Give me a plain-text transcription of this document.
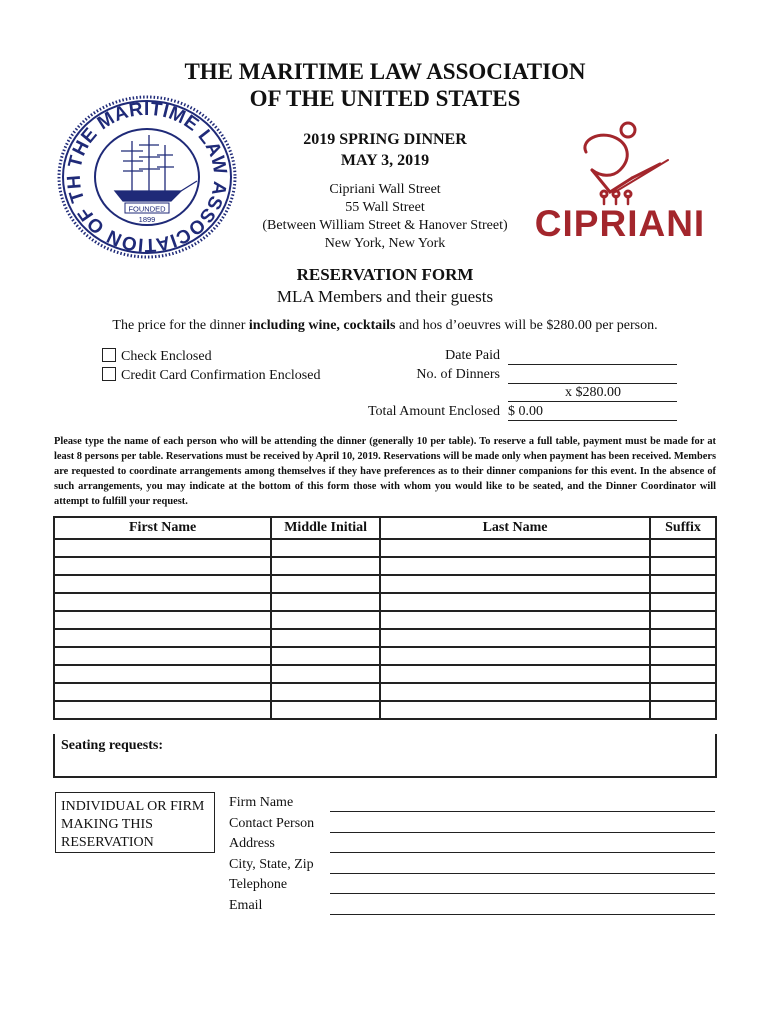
THE MARITIME LAW ASSOCIATION OF TH
FOUNDED
1899	CIPRIANI
THE MARITIME LAW ASSOCIATION
OF THE UNITED STATES
2019 SPRING DINNER
MAY 3, 2019
Cipriani Wall Street
55 Wall Street
(Between William Street & Hanover Street)
New York, New York
RESERVATION FORM
MLA Members and their guests
The price for the dinner including wine, cocktails and hos d’oeuvres will be $280.00 per person.
Check Enclosed
Credit Card Confirmation Enclosed
Date Paid
No. of Dinners
x $280.00
Total Amount Enclosed $ 0.00
Please type the name of each person who will be attending the dinner (generally 10 per table). To reserve a full table, payment must be made for at least 8 persons per table. Reservations must be received by April 10, 2019. Reservations will be made only when payment has been received. Members are requested to coordinate arrangements among themselves if they have preferences as to their dinner companions for this event. In the absence of such arrangements, you may indicate at the bottom of this form those with whom you would like to be seated, and the Dinner Coordinator will attempt to fulfill your request.
First Name	Middle Initial	Last Name	Suffix

Seating requests:
INDIVIDUAL OR FIRM
MAKING THIS
RESERVATION
Firm Name
Contact Person
Address
City, State, Zip
Telephone
Email
